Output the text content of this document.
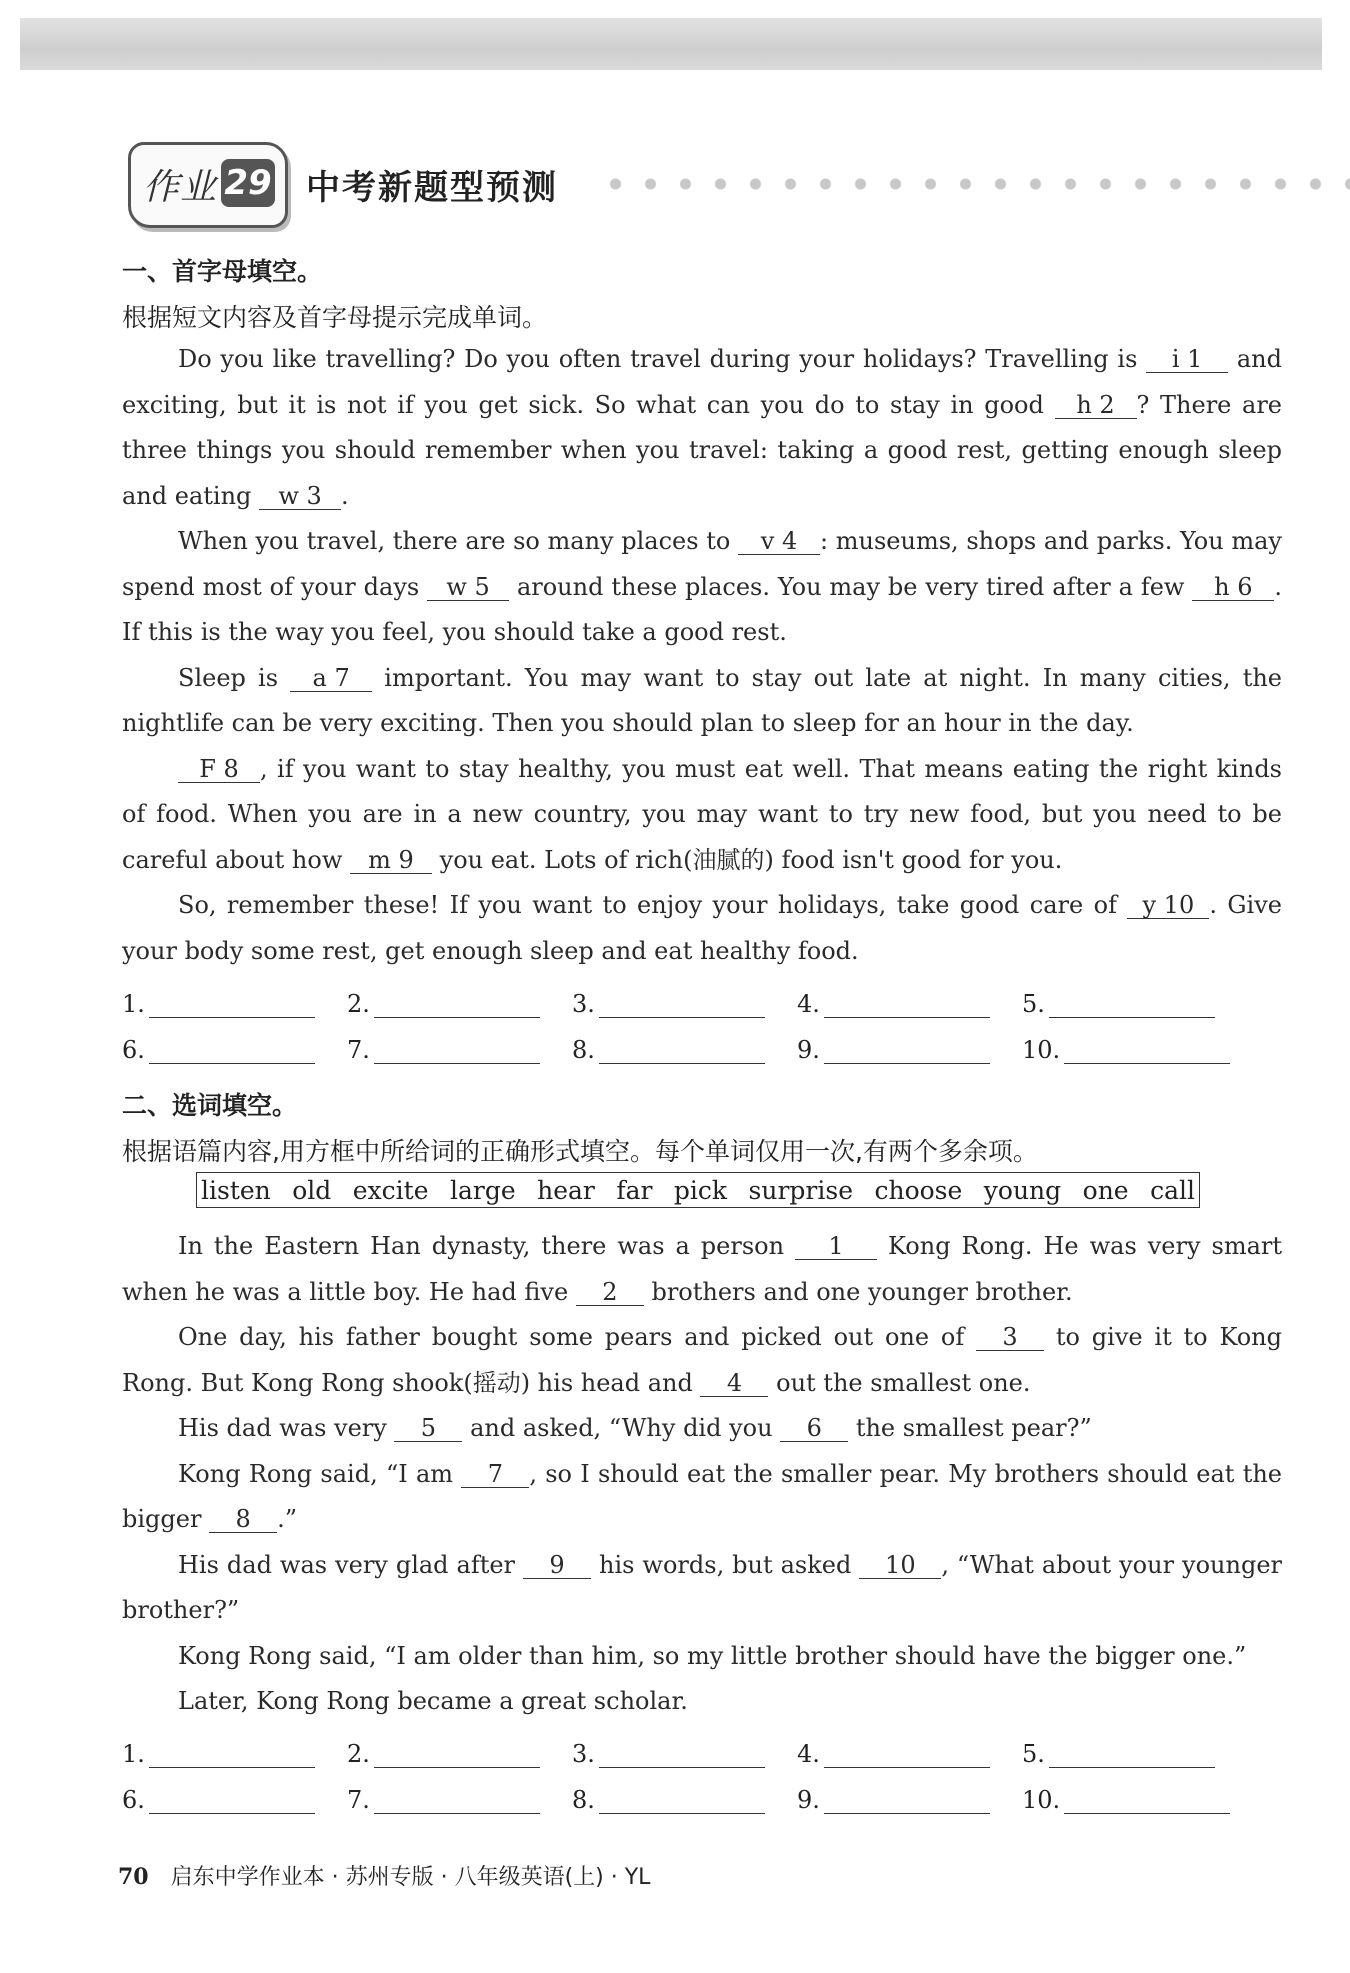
作业 29 中考新题型预测
一、首字母填空。
根据短文内容及首字母提示完成单词。
Do you like travelling? Do you often travel during your holidays? Travelling is i 1 and exciting, but it is not if you get sick. So what can you do to stay in good h 2 ? There are three things you should remember when you travel: taking a good rest, getting enough sleep and eating w 3 .
When you travel, there are so many places to v 4 : museums, shops and parks. You may spend most of your days w 5 around these places. You may be very tired after a few h 6 . If this is the way you feel, you should take a good rest.
Sleep is a 7 important. You may want to stay out late at night. In many cities, the nightlife can be very exciting. Then you should plan to sleep for an hour in the day.
F 8 , if you want to stay healthy, you must eat well. That means eating the right kinds of food. When you are in a new country, you may want to try new food, but you need to be careful about how m 9 you eat. Lots of rich(油腻的) food isn't good for you.
So, remember these! If you want to enjoy your holidays, take good care of y 10 . Give your body some rest, get enough sleep and eat healthy food.
1.	2.	3.	4.	5.
6.	7.	8.	9.	10.
二、选词填空。
根据语篇内容,用方框中所给词的正确形式填空。每个单词仅用一次,有两个多余项。
listen old excite large hear far pick surprise choose young one call
In the Eastern Han dynasty, there was a person 1 Kong Rong. He was very smart when he was a little boy. He had five 2 brothers and one younger brother.
One day, his father bought some pears and picked out one of 3 to give it to Kong Rong. But Kong Rong shook(摇动) his head and 4 out the smallest one.
His dad was very 5 and asked, “Why did you 6 the smallest pear?”
Kong Rong said, “I am 7 , so I should eat the smaller pear. My brothers should eat the bigger 8 .”
His dad was very glad after 9 his words, but asked 10 , “What about your younger brother?”
Kong Rong said, “I am older than him, so my little brother should have the bigger one.”
Later, Kong Rong became a great scholar.
1.	2.	3.	4.	5.
6.	7.	8.	9.	10.
70 启东中学作业本 · 苏州专版 · 八年级英语(上) · YL
